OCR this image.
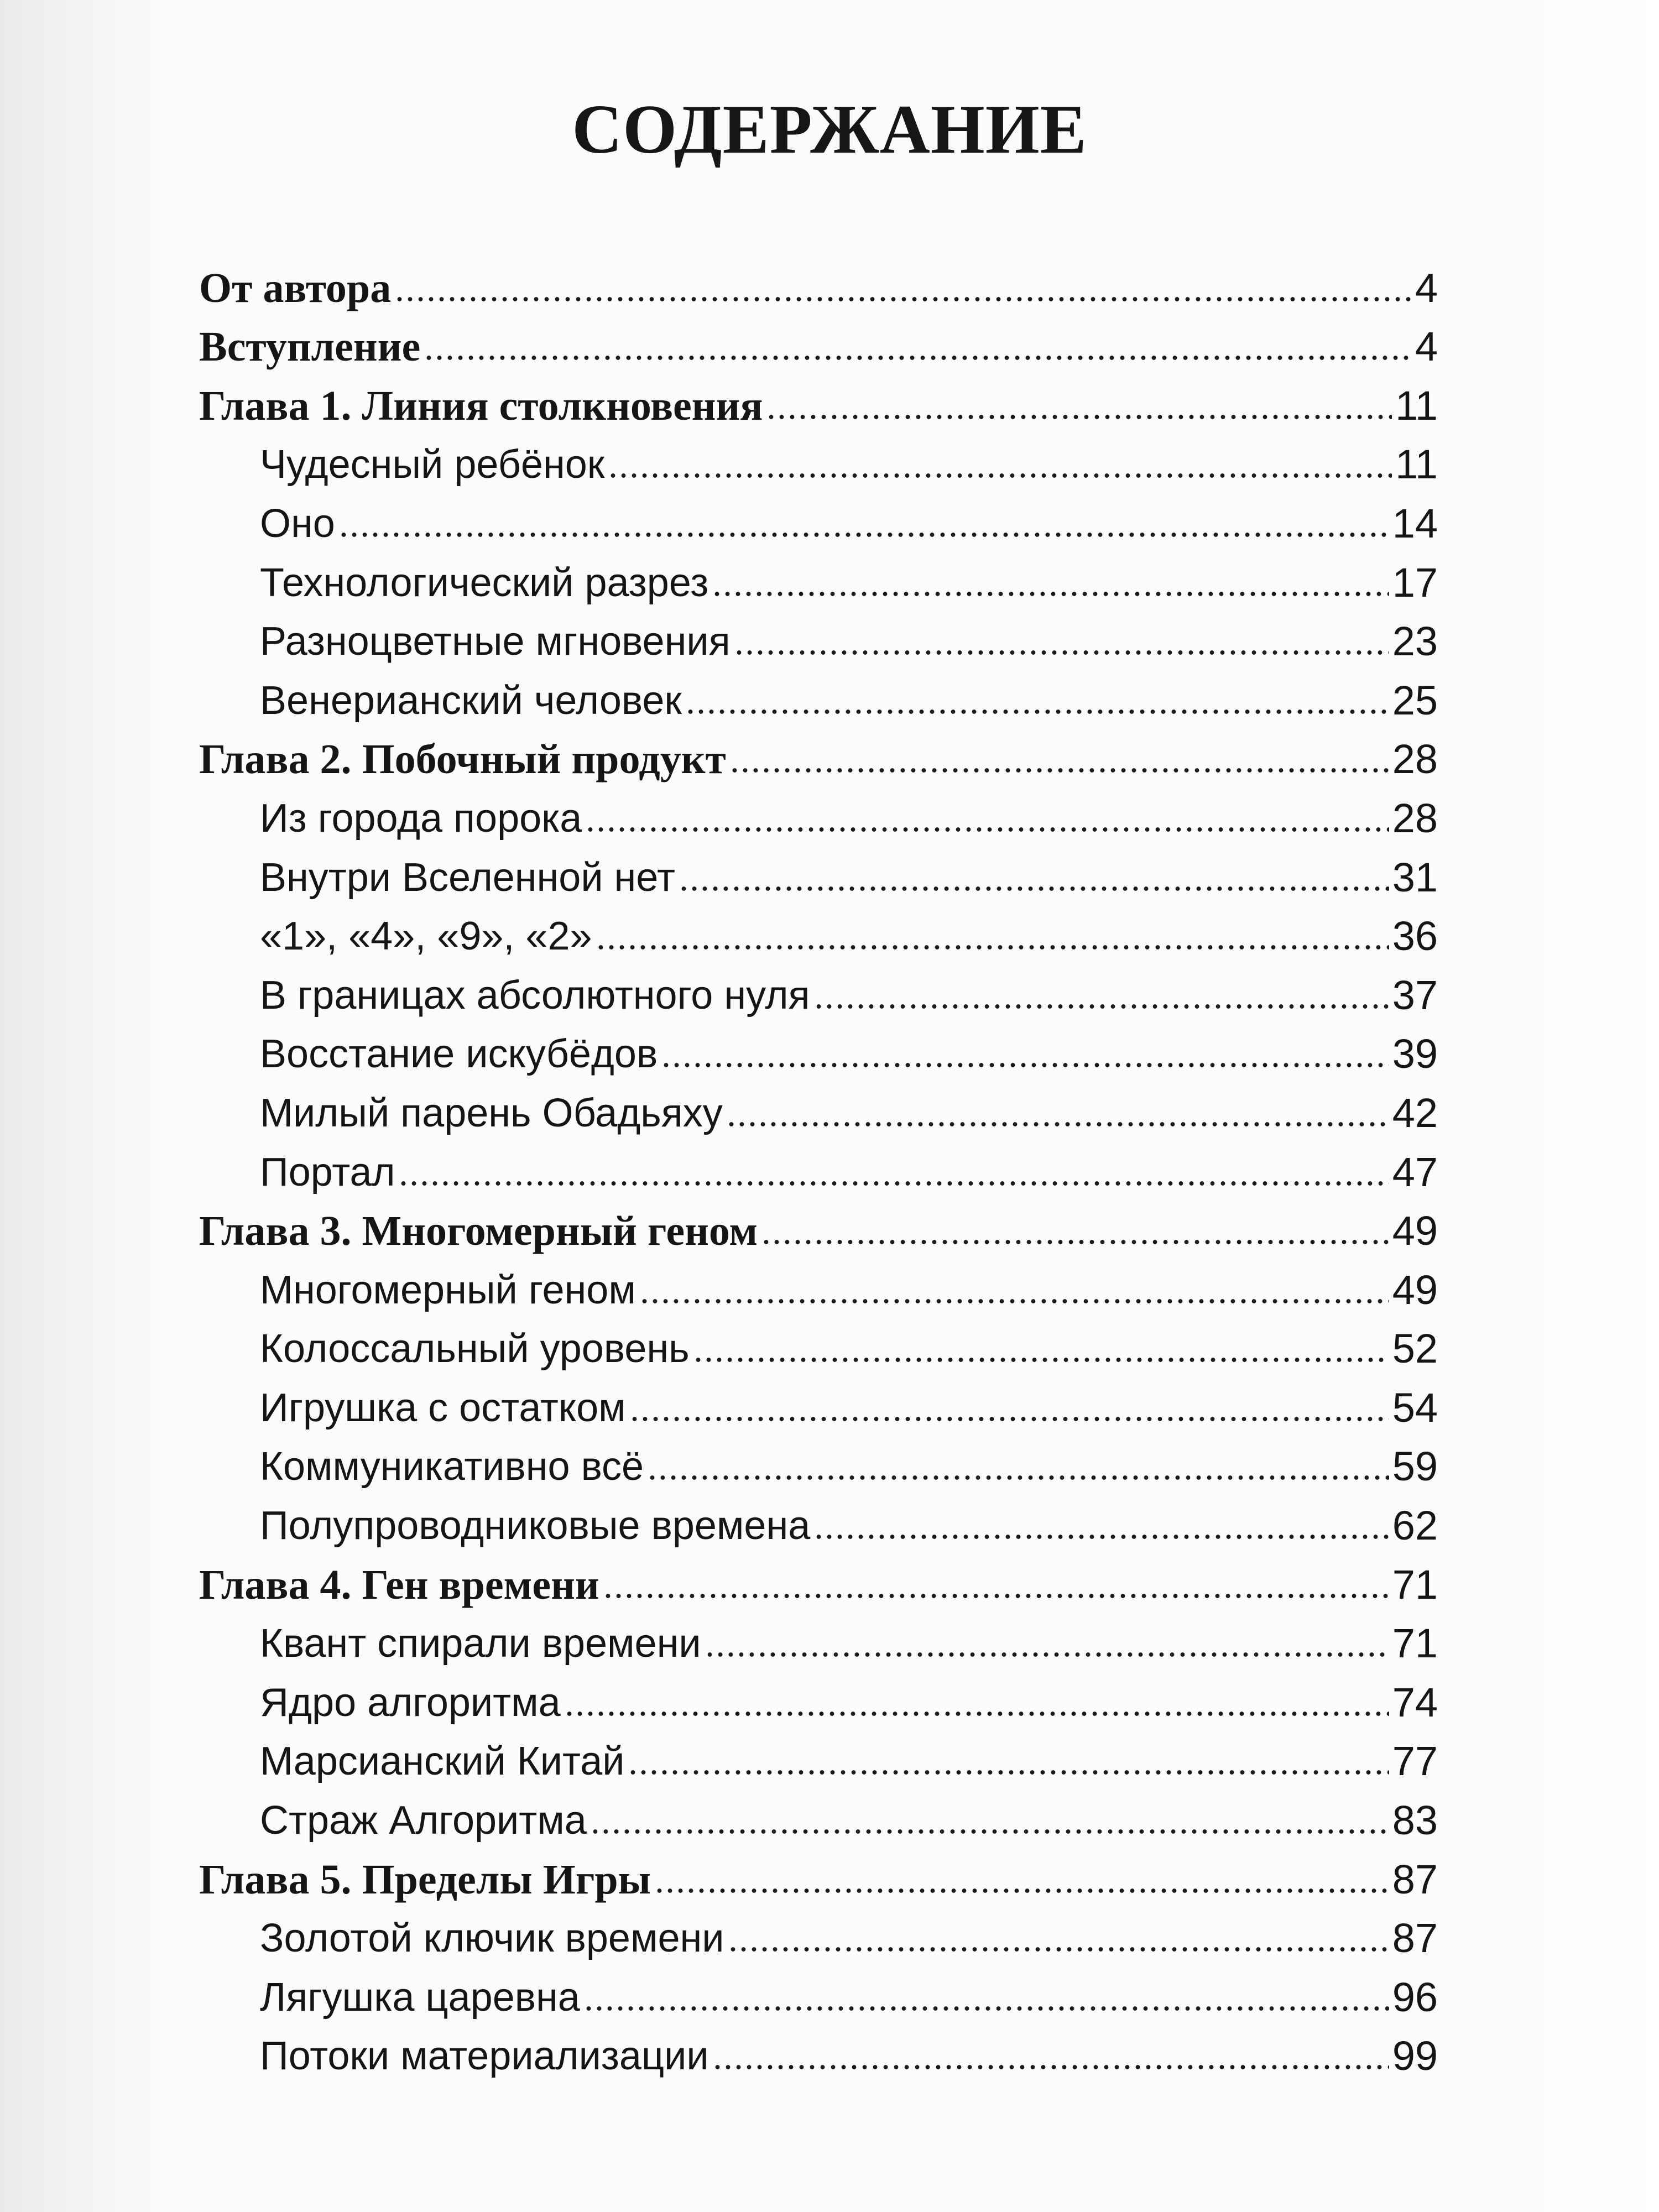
СОДЕРЖАНИЕ
От автора	4
Вступление	4
Глава 1. Линия столкновения	11
Чудесный ребёнок	11
Оно	14
Технологический разрез	17
Разноцветные мгновения	23
Венерианский человек	25
Глава 2. Побочный продукт	28
Из города порока	28
Внутри Вселенной нет	31
«1», «4», «9», «2»	36
В границах абсолютного нуля	37
Восстание искубёдов	39
Милый парень Обадьяху	42
Портал	47
Глава 3. Многомерный геном	49
Многомерный геном	49
Колоссальный уровень	52
Игрушка с остатком	54
Коммуникативно всё	59
Полупроводниковые времена	62
Глава 4. Ген времени	71
Квант спирали времени	71
Ядро алгоритма	74
Марсианский Китай	77
Страж Алгоритма	83
Глава 5. Пределы Игры	87
Золотой ключик времени	87
Лягушка царевна	96
Потоки материализации	99
